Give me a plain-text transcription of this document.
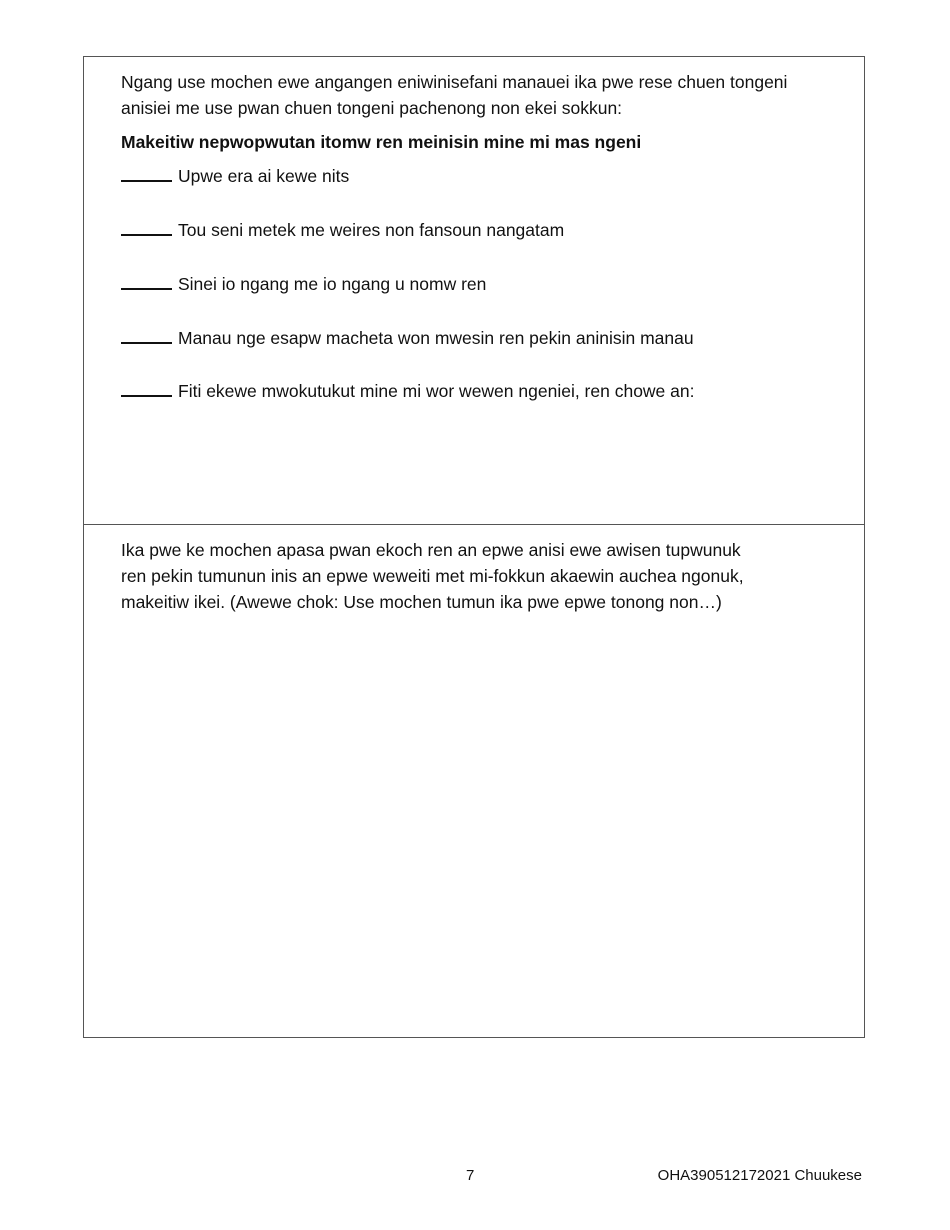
Ngang use mochen ewe angangen eniwinisefani manauei ika pwe rese chuen tongeni
anisiei me use pwan chuen tongeni pachenong non ekei sokkun:

Makeitiw nepwopwutan itomw ren meinisin mine mi mas ngeni

Upwe era ai kewe nits
Tou seni metek me weires non fansoun nangatam
Sinei io ngang me io ngang u nomw ren
Manau nge esapw macheta won mwesin ren pekin aninisin manau
Fiti ekewe mwokutukut mine mi wor wewen ngeniei, ren chowe an:

Ika pwe ke mochen apasa pwan ekoch ren an epwe anisi ewe awisen tupwunuk
ren pekin tumunun inis an epwe weweiti met mi-fokkun akaewin auchea ngonuk,
makeitiw ikei. (Awewe chok: Use mochen tumun ika pwe epwe tonong non…)

7	OHA390512172021 Chuukese
